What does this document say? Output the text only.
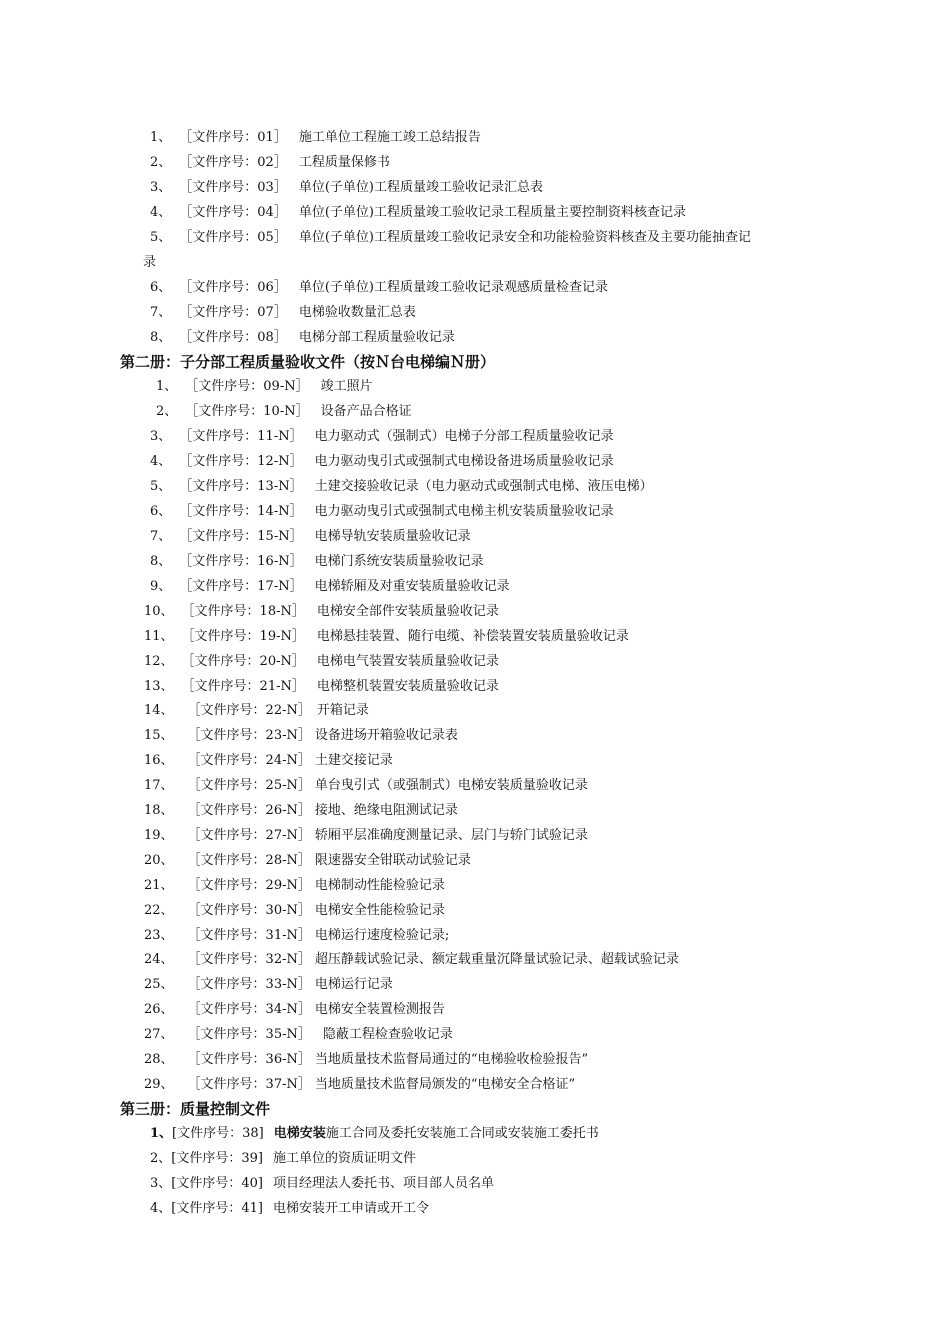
1、 ［文件序号：01］ 施工单位工程施工竣工总结报告
2、 ［文件序号：02］ 工程质量保修书
3、 ［文件序号：03］ 单位(子单位)工程质量竣工验收记录汇总表
4、 ［文件序号：04］ 单位(子单位)工程质量竣工验收记录工程质量主要控制资料核查记录
5、 ［文件序号：05］ 单位(子单位)工程质量竣工验收记录安全和功能检验资料核查及主要功能抽查记
录
6、 ［文件序号：06］ 单位(子单位)工程质量竣工验收记录观感质量检查记录
7、 ［文件序号：07］ 电梯验收数量汇总表
8、 ［文件序号：08］ 电梯分部工程质量验收记录
第二册：子分部工程质量验收文件（按Ｎ台电梯编Ｎ册）
1、 ［文件序号：09-N］ 竣工照片
2、 ［文件序号：10-N］ 设备产品合格证
3、 ［文件序号：11-N］ 电力驱动式（强制式）电梯子分部工程质量验收记录
4、 ［文件序号：12-N］ 电力驱动曳引式或强制式电梯设备进场质量验收记录
5、 ［文件序号：13-N］ 土建交接验收记录（电力驱动式或强制式电梯、液压电梯）
6、 ［文件序号：14-N］ 电力驱动曳引式或强制式电梯主机安装质量验收记录
7、 ［文件序号：15-N］ 电梯导轨安装质量验收记录
8、 ［文件序号：16-N］ 电梯门系统安装质量验收记录
9、 ［文件序号：17-N］ 电梯轿厢及对重安装质量验收记录
10、 ［文件序号：18-N］ 电梯安全部件安装质量验收记录
11、 ［文件序号：19-N］ 电梯悬挂装置、随行电缆、补偿装置安装质量验收记录
12、 ［文件序号：20-N］ 电梯电气装置安装质量验收记录
13、 ［文件序号：21-N］ 电梯整机装置安装质量验收记录
14、 ［文件序号：22-N］ 开箱记录
15、 ［文件序号：23-N］ 设备进场开箱验收记录表
16、 ［文件序号：24-N］ 土建交接记录
17、 ［文件序号：25-N］ 单台曳引式（或强制式）电梯安装质量验收记录
18、 ［文件序号：26-N］ 接地、绝缘电阻测试记录
19、 ［文件序号：27-N］ 轿厢平层准确度测量记录、层门与轿门试验记录
20、 ［文件序号：28-N］ 限速器安全钳联动试验记录
21、 ［文件序号：29-N］ 电梯制动性能检验记录
22、 ［文件序号：30-N］ 电梯安全性能检验记录
23、 ［文件序号：31-N］ 电梯运行速度检验记录;
24、 ［文件序号：32-N］ 超压静载试验记录、额定载重量沉降量试验记录、超载试验记录
25、 ［文件序号：33-N］ 电梯运行记录
26、 ［文件序号：34-N］ 电梯安全装置检测报告
27、 ［文件序号：35-N］ 隐蔽工程检查验收记录
28、 ［文件序号：36-N］ 当地质量技术监督局通过的“电梯验收检验报告”
29、 ［文件序号：37-N］ 当地质量技术监督局颁发的“电梯安全合格证”
第三册：质量控制文件
1、[文件序号：38] 电梯安装施工合同及委托安装施工合同或安装施工委托书
2、[文件序号：39] 施工单位的资质证明文件
3、[文件序号：40] 项目经理法人委托书、项目部人员名单
4、[文件序号：41] 电梯安装开工申请或开工令
